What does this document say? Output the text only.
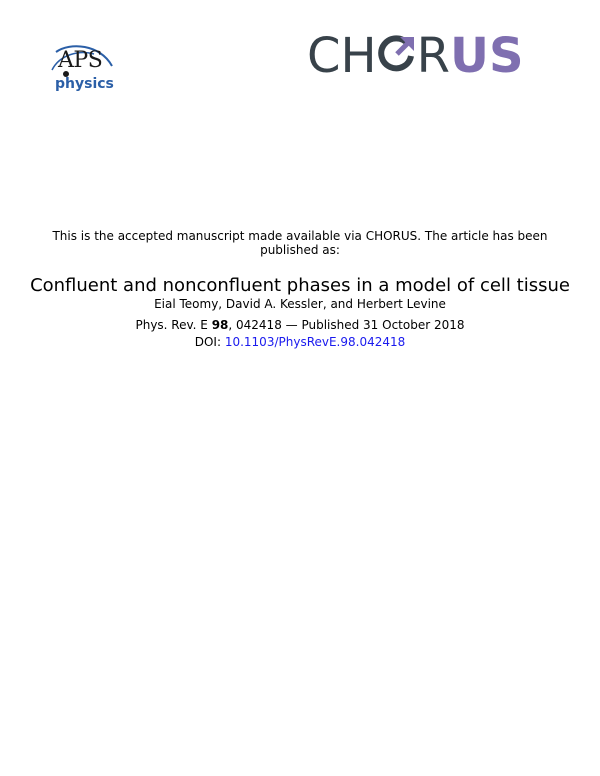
APS
physics	CH RUS
This is the accepted manuscript made available via CHORUS. The article has been published as:
Confluent and nonconfluent phases in a model of cell tissue
Eial Teomy, David A. Kessler, and Herbert Levine
Phys. Rev. E 98, 042418 — Published 31 October 2018
DOI: 10.1103/PhysRevE.98.042418
